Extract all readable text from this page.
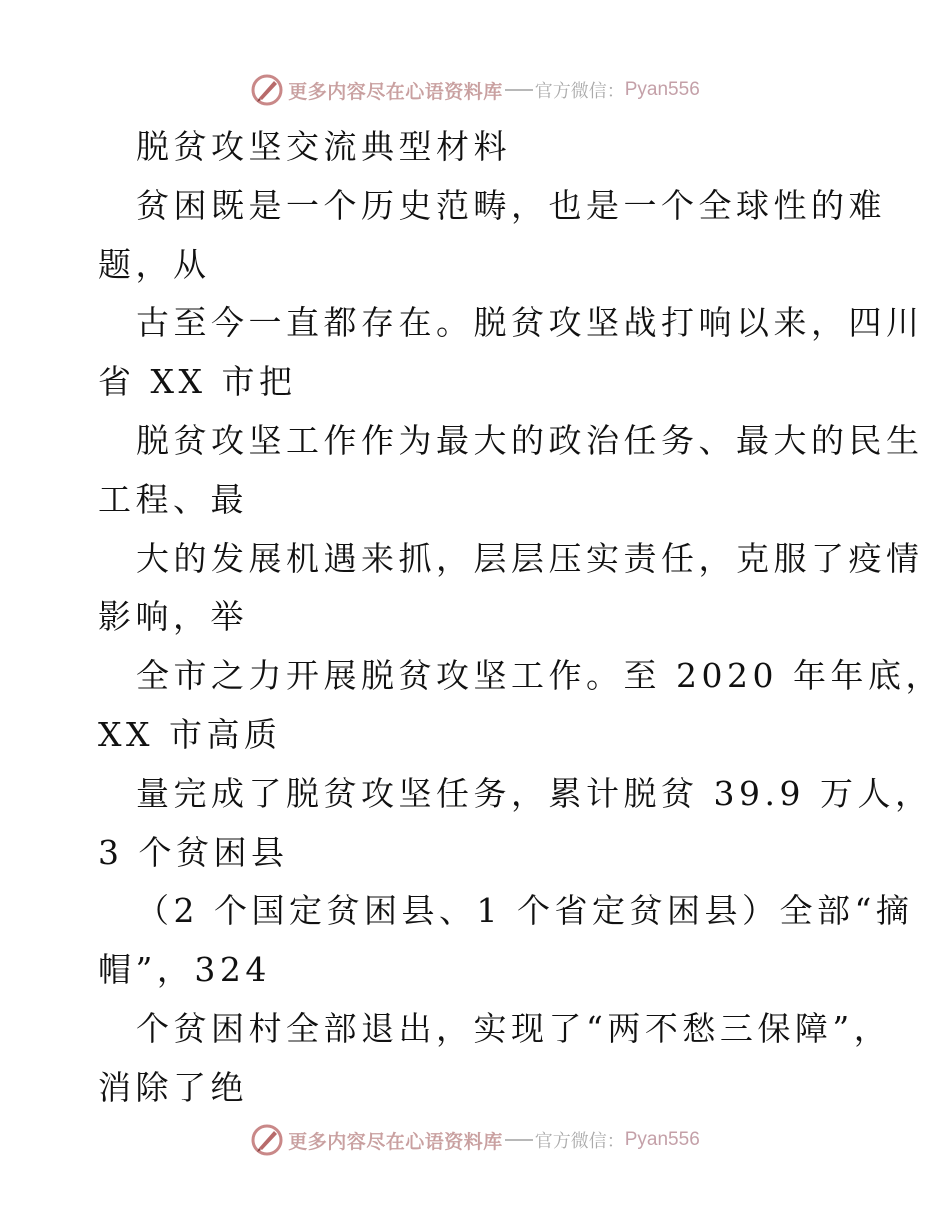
更多内容尽在心语资料库 官方微信： Pyan556
脱贫攻坚交流典型材料
贫困既是一个历史范畴，也是一个全球性的难
题，从
古至今一直都存在。脱贫攻坚战打响以来，四川
省 XX 市把
脱贫攻坚工作作为最大的政治任务、最大的民生
工程、最
大的发展机遇来抓，层层压实责任，克服了疫情
影响，举
全市之力开展脱贫攻坚工作。至 2020 年年底，
XX 市高质
量完成了脱贫攻坚任务，累计脱贫 39.9 万人，
3 个贫困县
（2 个国定贫困县、1 个省定贫困县）全部“摘
帽”，324
个贫困村全部退出，实现了“两不愁三保障”，
消除了绝
更多内容尽在心语资料库 官方微信： Pyan556
